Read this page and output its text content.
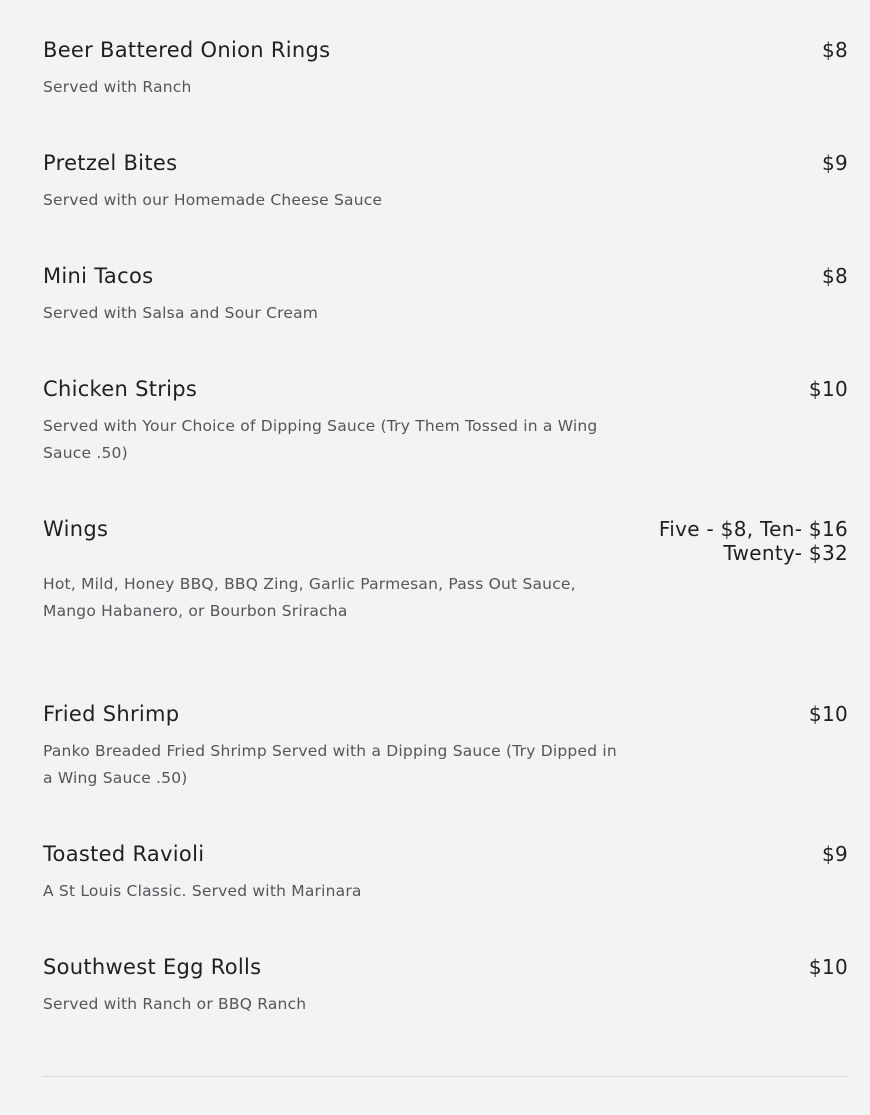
Beer Battered Onion Rings
Served with Ranch
$8
Pretzel Bites
Served with our Homemade Cheese Sauce
$9
Mini Tacos
Served with Salsa and Sour Cream
$8
Chicken Strips
Served with Your Choice of Dipping Sauce (Try Them Tossed in a Wing Sauce .50)
$10
Wings
Hot, Mild, Honey BBQ, BBQ Zing, Garlic Parmesan, Pass Out Sauce, Mango Habanero, or Bourbon Sriracha
Five - $8, Ten- $16
Twenty- $32
Fried Shrimp
Panko Breaded Fried Shrimp Served with a Dipping Sauce (Try Dipped in a Wing Sauce .50)
$10
Toasted Ravioli
A St Louis Classic. Served with Marinara
$9
Southwest Egg Rolls
Served with Ranch or BBQ Ranch
$10
